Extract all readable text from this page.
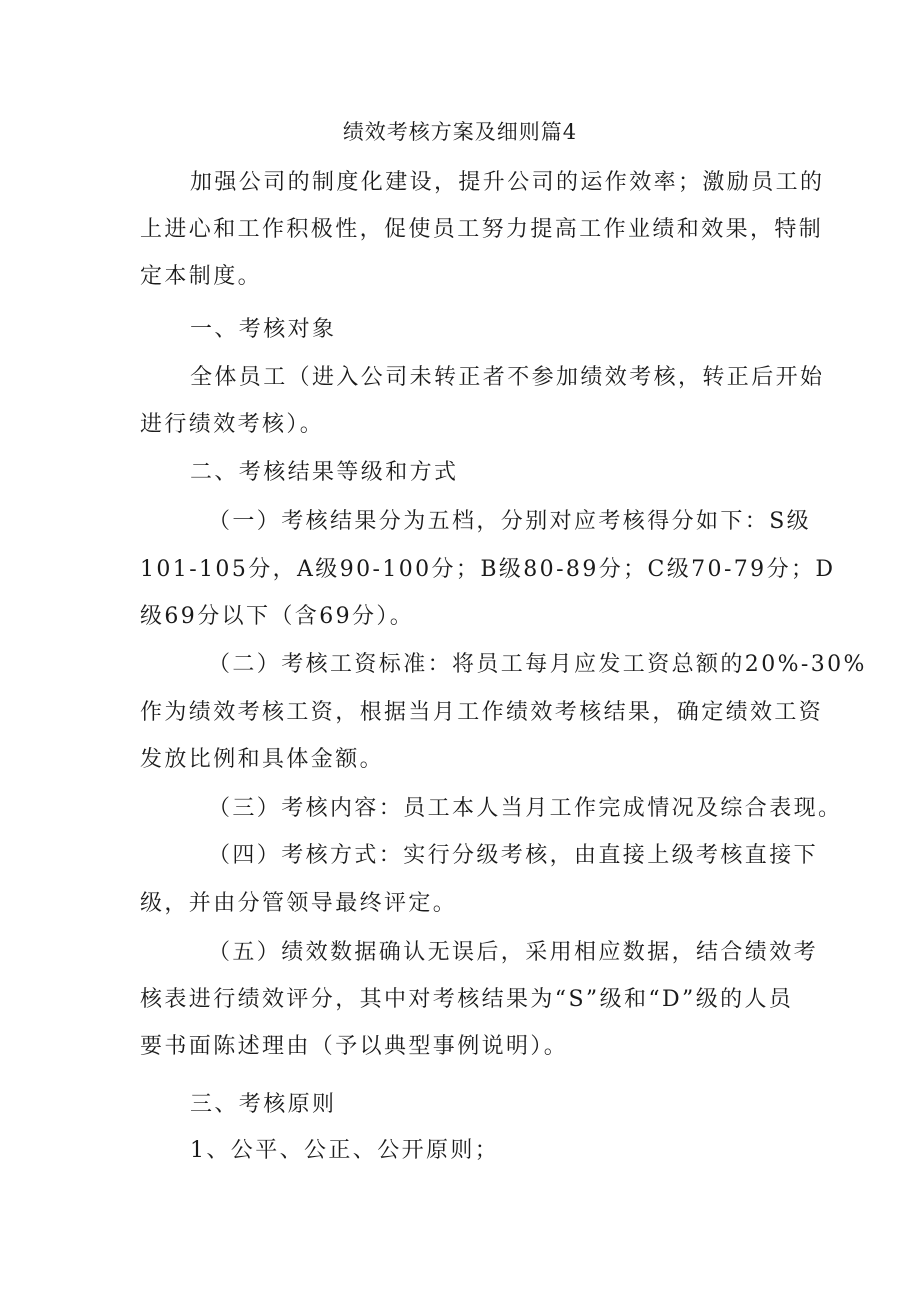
绩效考核方案及细则篇4
加强公司的制度化建设，提升公司的运作效率；激励员工的
上进心和工作积极性，促使员工努力提高工作业绩和效果，特制
定本制度。
一、考核对象
全体员工（进入公司未转正者不参加绩效考核，转正后开始
进行绩效考核）。
二、考核结果等级和方式
（一）考核结果分为五档，分别对应考核得分如下：S级
101-105分，A级90-100分；B级80-89分；C级70-79分；D
级69分以下（含69分）。
（二）考核工资标准：将员工每月应发工资总额的20%-30%
作为绩效考核工资，根据当月工作绩效考核结果，确定绩效工资
发放比例和具体金额。
（三）考核内容：员工本人当月工作完成情况及综合表现。
（四）考核方式：实行分级考核，由直接上级考核直接下
级，并由分管领导最终评定。
（五）绩效数据确认无误后，采用相应数据，结合绩效考
核表进行绩效评分，其中对考核结果为“S”级和“D”级的人员
要书面陈述理由（予以典型事例说明）。
三、考核原则
1、公平、公正、公开原则；
